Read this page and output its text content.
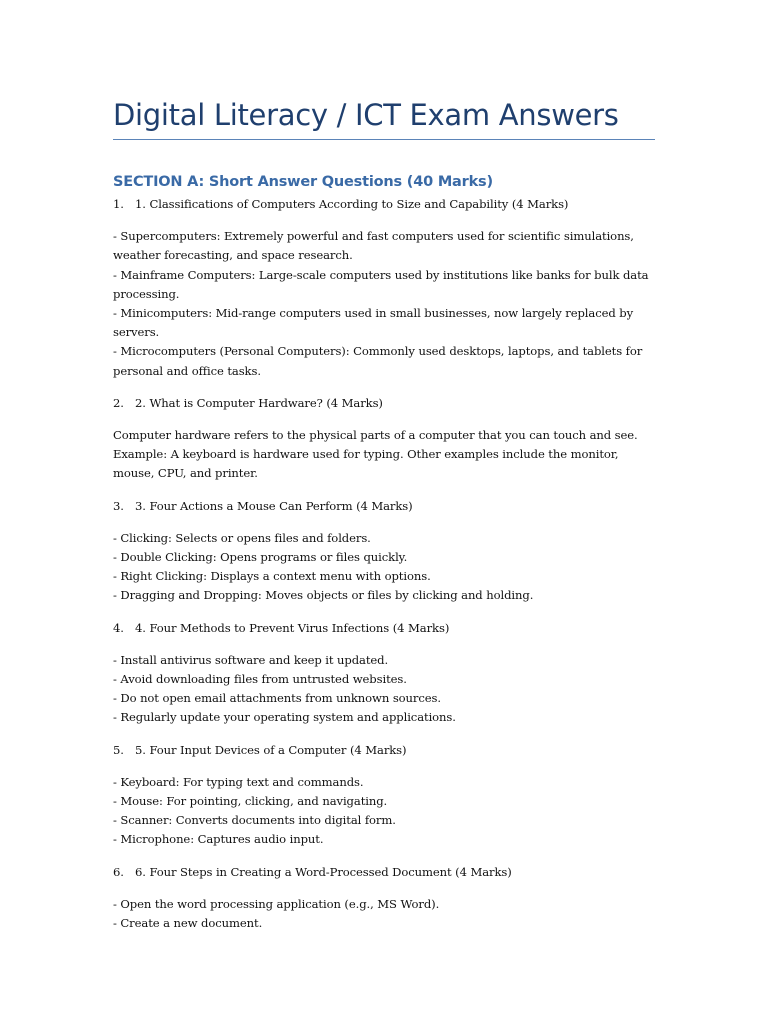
Digital Literacy / ICT Exam Answers
SECTION A: Short Answer Questions (40 Marks)

1. 1. Classifications of Computers According to Size and Capability (4 Marks)

- Supercomputers: Extremely powerful and fast computers used for scientific simulations, weather forecasting, and space research.

- Mainframe Computers: Large-scale computers used by institutions like banks for bulk data processing.

- Minicomputers: Mid-range computers used in small businesses, now largely replaced by servers.

- Microcomputers (Personal Computers): Commonly used desktops, laptops, and tablets for personal and office tasks.

2. 2. What is Computer Hardware? (4 Marks)

Computer hardware refers to the physical parts of a computer that you can touch and see. Example: A keyboard is hardware used for typing. Other examples include the monitor, mouse, CPU, and printer.

3. 3. Four Actions a Mouse Can Perform (4 Marks)

- Clicking: Selects or opens files and folders.

- Double Clicking: Opens programs or files quickly.

- Right Clicking: Displays a context menu with options.

- Dragging and Dropping: Moves objects or files by clicking and holding.

4. 4. Four Methods to Prevent Virus Infections (4 Marks)

- Install antivirus software and keep it updated.

- Avoid downloading files from untrusted websites.

- Do not open email attachments from unknown sources.

- Regularly update your operating system and applications.

5. 5. Four Input Devices of a Computer (4 Marks)

- Keyboard: For typing text and commands.

- Mouse: For pointing, clicking, and navigating.

- Scanner: Converts documents into digital form.

- Microphone: Captures audio input.

6. 6. Four Steps in Creating a Word-Processed Document (4 Marks)

- Open the word processing application (e.g., MS Word).

- Create a new document.
